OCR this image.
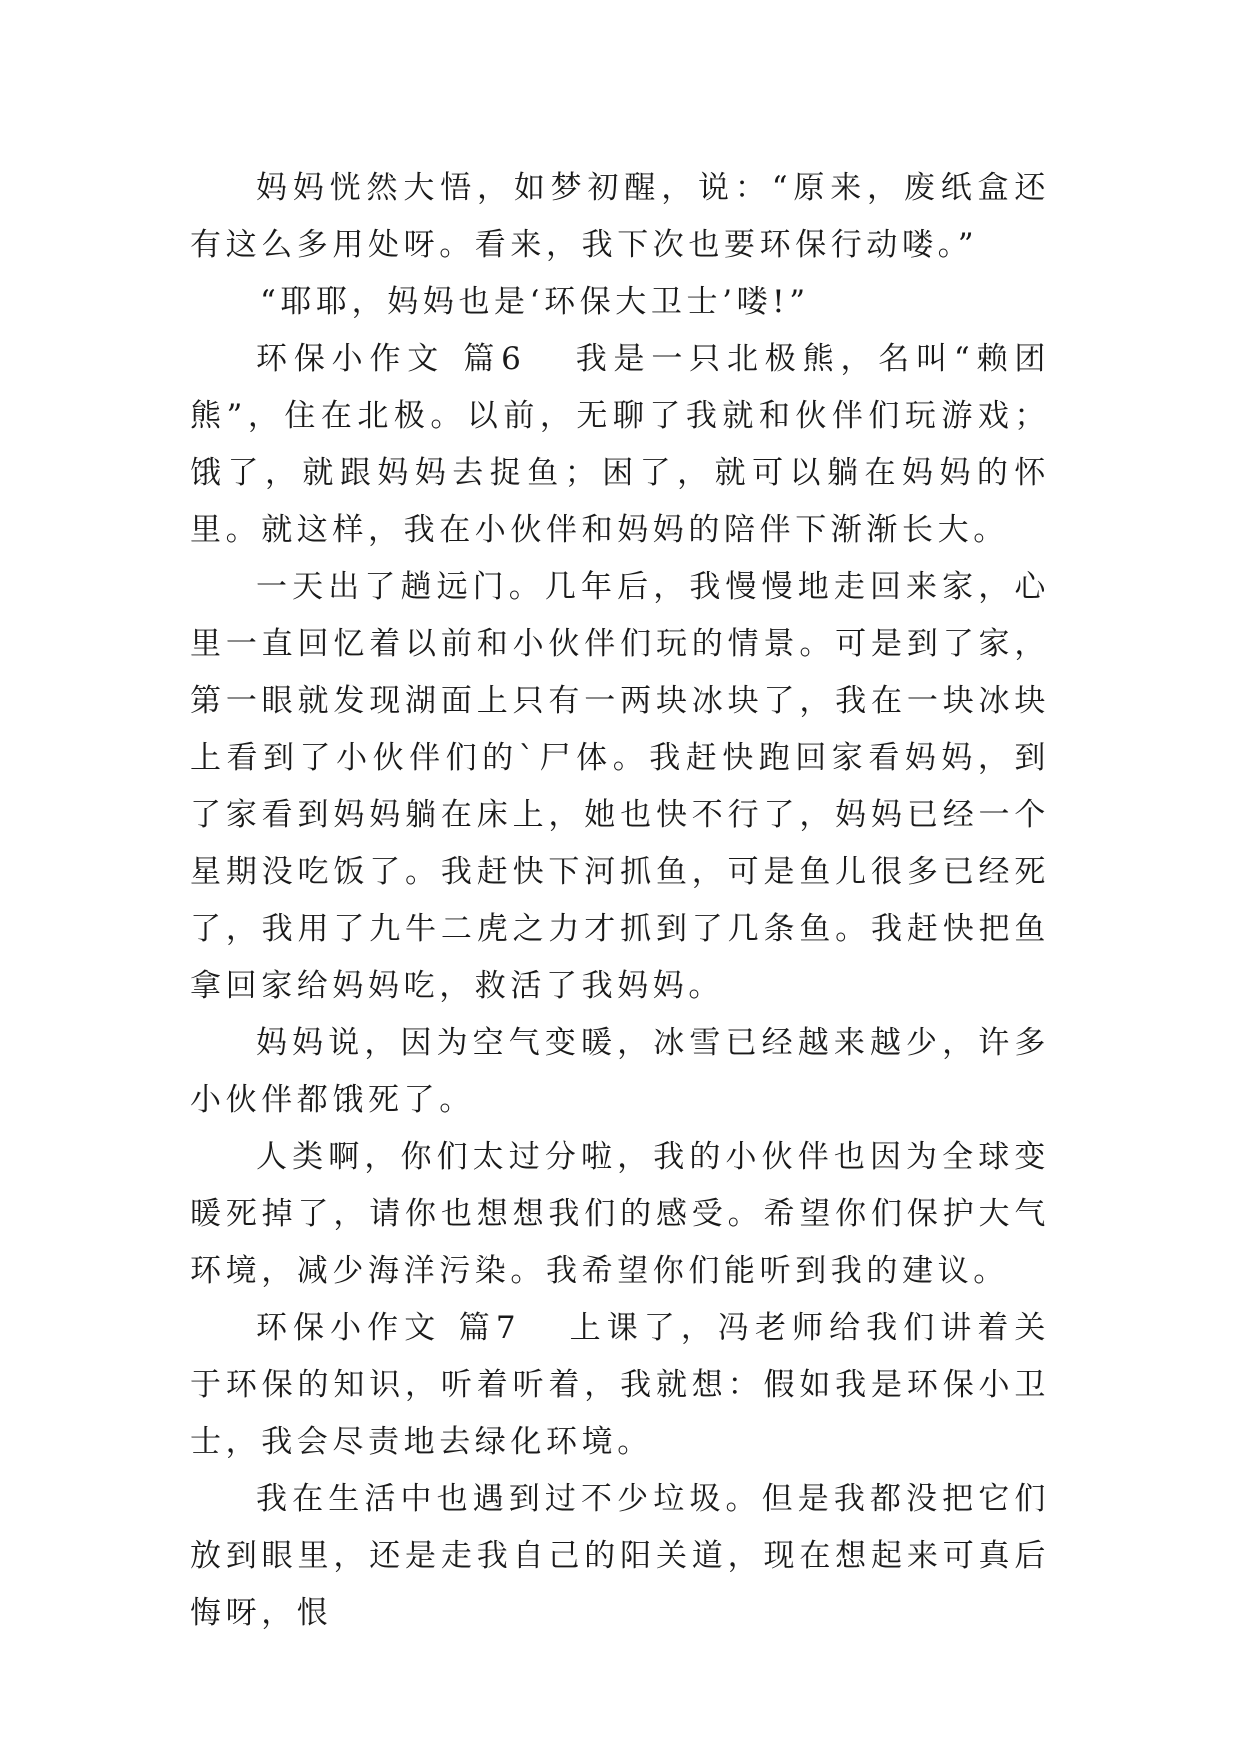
妈妈恍然大悟，如梦初醒，说：“原来，废纸盒还有这么多用处呀。看来，我下次也要环保行动喽。”

“耶耶，妈妈也是‘环保大卫士’喽!”

环保小作文 篇6 我是一只北极熊，名叫“赖团熊”，住在北极。以前，无聊了我就和伙伴们玩游戏；饿了，就跟妈妈去捉鱼；困了，就可以躺在妈妈的怀里。就这样，我在小伙伴和妈妈的陪伴下渐渐长大。

一天出了趟远门。几年后，我慢慢地走回来家，心里一直回忆着以前和小伙伴们玩的情景。可是到了家，第一眼就发现湖面上只有一两块冰块了，我在一块冰块上看到了小伙伴们的`尸体。我赶快跑回家看妈妈，到了家看到妈妈躺在床上，她也快不行了，妈妈已经一个星期没吃饭了。我赶快下河抓鱼，可是鱼儿很多已经死了，我用了九牛二虎之力才抓到了几条鱼。我赶快把鱼拿回家给妈妈吃，救活了我妈妈。

妈妈说，因为空气变暖，冰雪已经越来越少，许多小伙伴都饿死了。

人类啊，你们太过分啦，我的小伙伴也因为全球变暖死掉了，请你也想想我们的感受。希望你们保护大气环境，减少海洋污染。我希望你们能听到我的建议。

环保小作文 篇7 上课了，冯老师给我们讲着关于环保的知识，听着听着，我就想：假如我是环保小卫士，我会尽责地去绿化环境。

我在生活中也遇到过不少垃圾。但是我都没把它们放到眼里，还是走我自己的阳关道，现在想起来可真后悔呀，恨
